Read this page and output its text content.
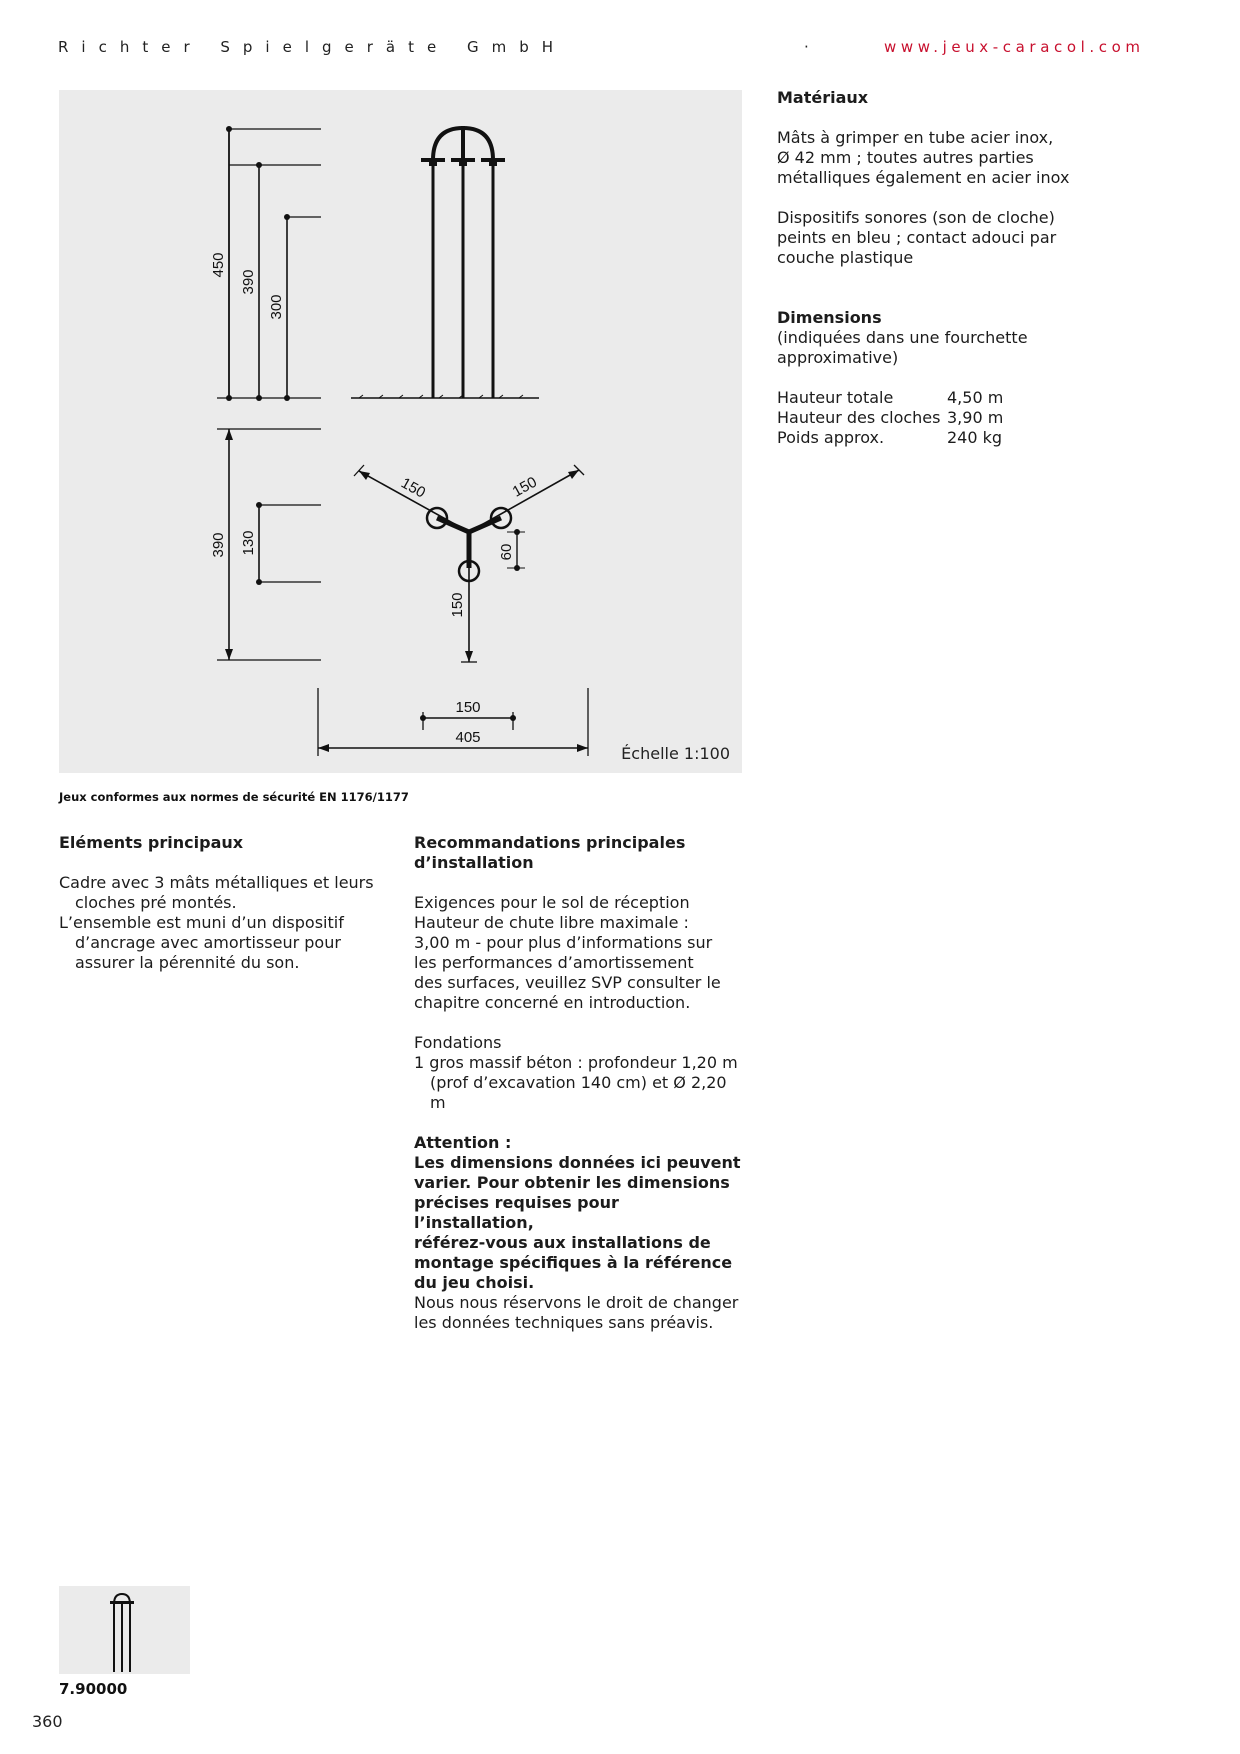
Richter Spielgeräte GmbH	·	www.jeux-caracol.com
450
390
300
390 130
150	150
150
60
150
405
Échelle 1:100
Jeux conformes aux normes de sécurité EN 1176/1177
Matériaux

Mâts à grimper en tube acier inox,

Ø 42 mm ; toutes autres parties

métalliques également en acier inox

Dispositifs sonores (son de cloche)

peints en bleu ; contact adouci par

couche plastique

Dimensions

(indiquées dans une fourchette

approximative)

Hauteur totale	4,50 m
Hauteur des cloches	3,90 m
Poids approx.	240 kg
Eléments principaux

Cadre avec 3 mâts métalliques et leurs cloches pré montés.

L’ensemble est muni d’un dispositif d’ancrage avec amortisseur pour assurer la pérennité du son.

Recommandations principales
d’installation

Exigences pour le sol de réception

Hauteur de chute libre maximale :

3,00 m - pour plus d’informations sur

les performances d’amortissement

des surfaces, veuillez SVP consulter le

chapitre concerné en introduction.

Fondations

1 gros massif béton : profondeur 1,20 m

(prof d’excavation 140 cm) et Ø 2,20 m

Attention :

Les dimensions données ici peuvent

varier. Pour obtenir les dimensions

précises requises pour l’installation,

référez-vous aux installations de

montage spécifiques à la référence

du jeu choisi.

Nous nous réservons le droit de changer

les données techniques sans préavis.

7.90000
360
